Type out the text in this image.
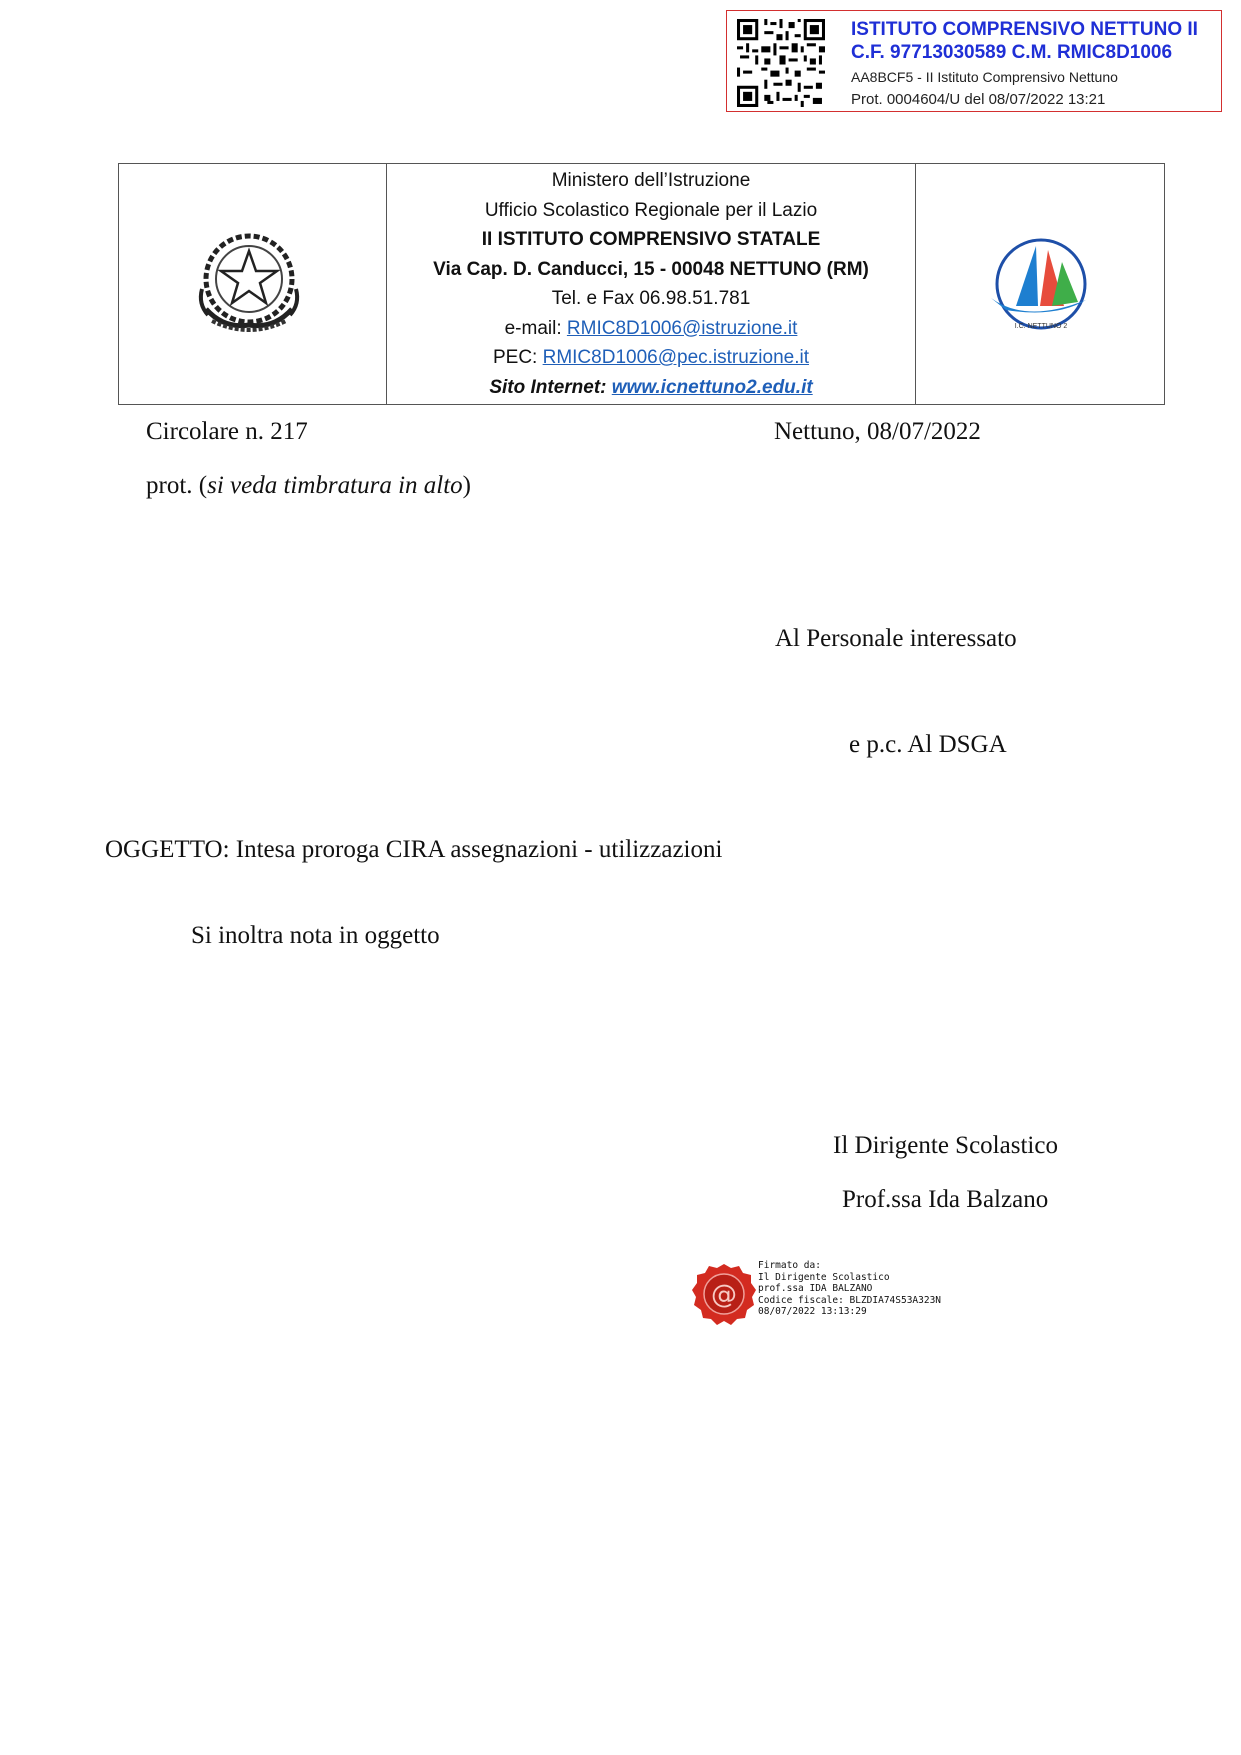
ISTITUTO COMPRENSIVO NETTUNO II
C.F. 97713030589 C.M. RMIC8D1006
AA8BCF5 - II Istituto Comprensivo Nettuno
Prot. 0004604/U del 08/07/2022 13:21
Ministero dell’Istruzione
Ufficio Scolastico Regionale per il Lazio
II ISTITUTO COMPRENSIVO STATALE
Via Cap. D. Canducci, 15 - 00048 NETTUNO (RM)
Tel. e Fax 06.98.51.781
e-mail: RMIC8D1006@istruzione.it
PEC: RMIC8D1006@pec.istruzione.it
Sito Internet: www.icnettuno2.edu.it
I.C. NETTUNO 2
Circolare n. 217	Nettuno, 08/07/2022
prot. (si veda timbratura in alto)
Al Personale interessato
e p.c. Al DSGA
OGGETTO: Intesa proroga CIRA assegnazioni - utilizzazioni
Si inoltra nota in oggetto
Il Dirigente Scolastico
Prof.ssa Ida Balzano
@
Firmato da:
Il Dirigente Scolastico
prof.ssa IDA BALZANO
Codice fiscale: BLZDIA74S53A323N
08/07/2022 13:13:29
